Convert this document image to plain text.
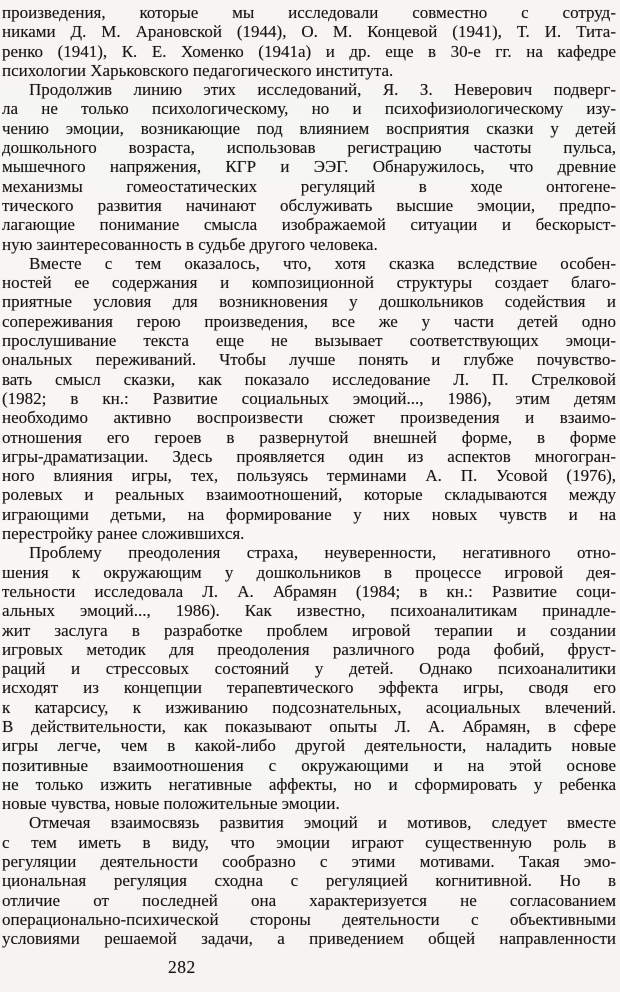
произведения, которые мы исследовали совместно с сотруд-
никами Д. М. Арановской (1944), О. М. Концевой (1941), Т. И. Тита-
ренко (1941), К. Е. Хоменко (1941а) и др. еще в 30-е гг. на кафедре
психологии Харьковского педагогического института.

Продолжив линию этих исследований, Я. З. Неверович подверг-
ла не только психологическому, но и психофизиологическому изу-
чению эмоции, возникающие под влиянием восприятия сказки у детей
дошкольного возраста, использовав регистрацию частоты пульса,
мышечного напряжения, КГР и ЭЭГ. Обнаружилось, что древние
механизмы гомеостатических регуляций в ходе онтогене-
тического развития начинают обслуживать высшие эмоции, предпо-
лагающие понимание смысла изображаемой ситуации и бескорыст-
ную заинтересованность в судьбе другого человека.

Вместе с тем оказалось, что, хотя сказка вследствие особен-
ностей ее содержания и композиционной структуры создает благо-
приятные условия для возникновения у дошкольников содействия и
сопереживания герою произведения, все же у части детей одно
прослушивание текста еще не вызывает соответствующих эмоци-
ональных переживаний. Чтобы лучше понять и глубже почувство-
вать смысл сказки, как показало исследование Л. П. Стрелковой
(1982; в кн.: Развитие социальных эмоций..., 1986), этим детям
необходимо активно воспроизвести сюжет произведения и взаимо-
отношения его героев в развернутой внешней форме, в форме
игры-драматизации. Здесь проявляется один из аспектов многогран-
ного влияния игры, тех, пользуясь терминами А. П. Усовой (1976),
ролевых и реальных взаимоотношений, которые складываются между
играющими детьми, на формирование у них новых чувств и на
перестройку ранее сложившихся.

Проблему преодоления страха, неуверенности, негативного отно-
шения к окружающим у дошкольников в процессе игровой дея-
тельности исследовала Л. А. Абрамян (1984; в кн.: Развитие соци-
альных эмоций..., 1986). Как известно, психоаналитикам принадле-
жит заслуга в разработке проблем игровой терапии и создании
игровых методик для преодоления различного рода фобий, фруст-
раций и стрессовых состояний у детей. Однако психоаналитики
исходят из концепции терапевтического эффекта игры, сводя его
к катарсису, к изживанию подсознательных, асоциальных влечений.
В действительности, как показывают опыты Л. А. Абрамян, в сфере
игры легче, чем в какой-либо другой деятельности, наладить новые
позитивные взаимоотношения с окружающими и на этой основе
не только изжить негативные аффекты, но и сформировать у ребенка
новые чувства, новые положительные эмоции.

Отмечая взаимосвязь развития эмоций и мотивов, следует вместе
с тем иметь в виду, что эмоции играют существенную роль в
регуляции деятельности сообразно с этими мотивами. Такая эмо-
циональная регуляция сходна с регуляцией когнитивной. Но в
отличие от последней она характеризуется не согласованием
операционально-психической стороны деятельности с объективными
условиями решаемой задачи, а приведением общей направленности

282
